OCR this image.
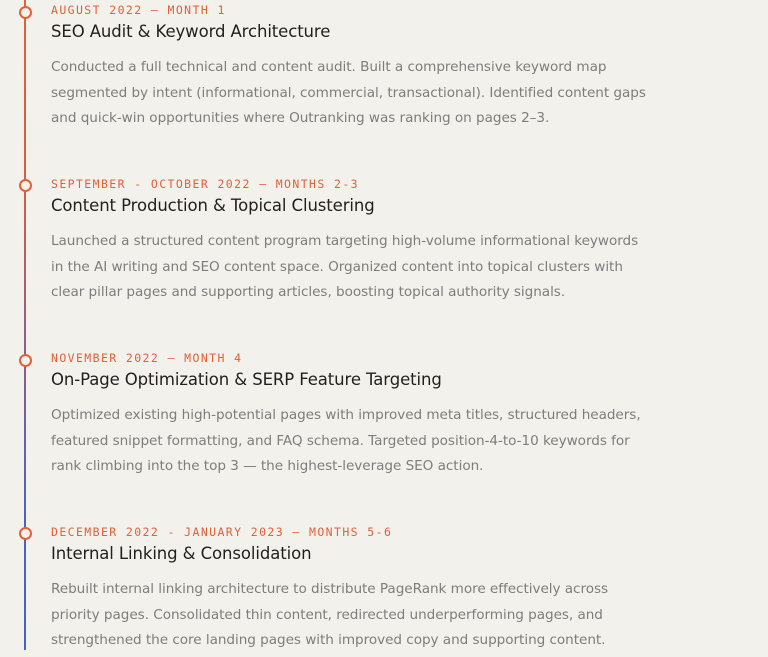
AUGUST 2022 — MONTH 1
SEO Audit & Keyword Architecture
Conducted a full technical and content audit. Built a comprehensive keyword map
segmented by intent (informational, commercial, transactional). Identified content gaps
and quick-win opportunities where Outranking was ranking on pages 2–3.
SEPTEMBER - OCTOBER 2022 — MONTHS 2-3
Content Production & Topical Clustering
Launched a structured content program targeting high-volume informational keywords
in the AI writing and SEO content space. Organized content into topical clusters with
clear pillar pages and supporting articles, boosting topical authority signals.
NOVEMBER 2022 — MONTH 4
On-Page Optimization & SERP Feature Targeting
Optimized existing high-potential pages with improved meta titles, structured headers,
featured snippet formatting, and FAQ schema. Targeted position-4-to-10 keywords for
rank climbing into the top 3 — the highest-leverage SEO action.
DECEMBER 2022 - JANUARY 2023 — MONTHS 5-6
Internal Linking & Consolidation
Rebuilt internal linking architecture to distribute PageRank more effectively across
priority pages. Consolidated thin content, redirected underperforming pages, and
strengthened the core landing pages with improved copy and supporting content.
